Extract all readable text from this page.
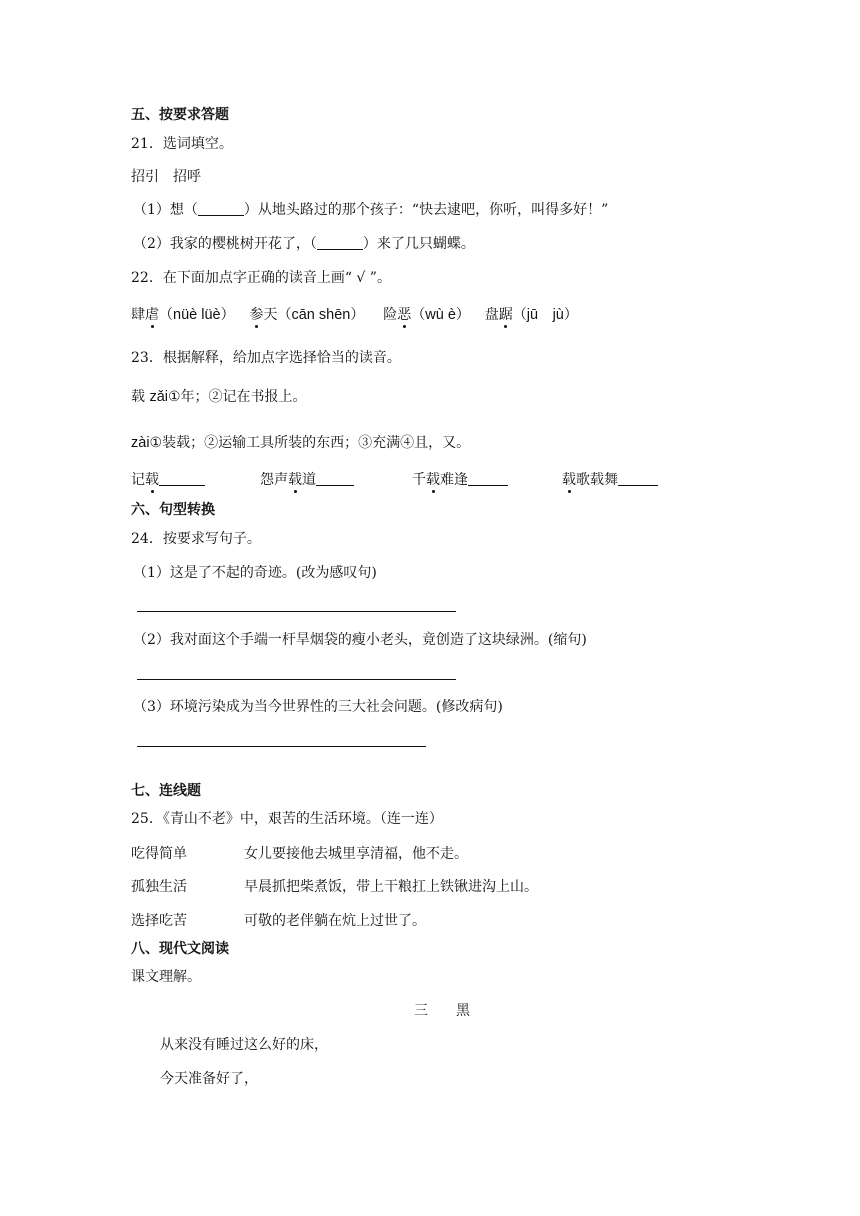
五、按要求答题
21．选词填空。
招引　招呼
（1）想（	）从地头路过的那个孩子：“快去逮吧，你听，叫得多好！”
（2）我家的樱桃树开花了，（	）来了几只蝴蝶。
22．在下面加点字正确的读音上画“ √ ”。
肆虐（nüè lüè） 参天（cān shēn） 险恶（wù è） 盘踞（jū　jù）
23．根据解释，给加点字选择恰当的读音。
载 zǎi①年；②记在书报上。
zài①装载；②运输工具所装的东西；③充满④且，又。
记载	怨声载道	千载难逢	载歌载舞
六、句型转换
24．按要求写句子。
（1）这是了不起的奇迹。(改为感叹句)
（2）我对面这个手端一杆旱烟袋的瘦小老头，竟创造了这块绿洲。(缩句)
（3）环境污染成为当今世界性的三大社会问题。(修改病句)
七、连线题
25．《青山不老》中，艰苦的生活环境。（连一连）
吃得简单	女儿要接他去城里享清福，他不走。
孤独生活	早晨抓把柴煮饭，带上干粮扛上铁锹进沟上山。
选择吃苦	可敬的老伴躺在炕上过世了。
八、现代文阅读
课文理解。
三　　黑
从来没有睡过这么好的床，
今天准备好了，
